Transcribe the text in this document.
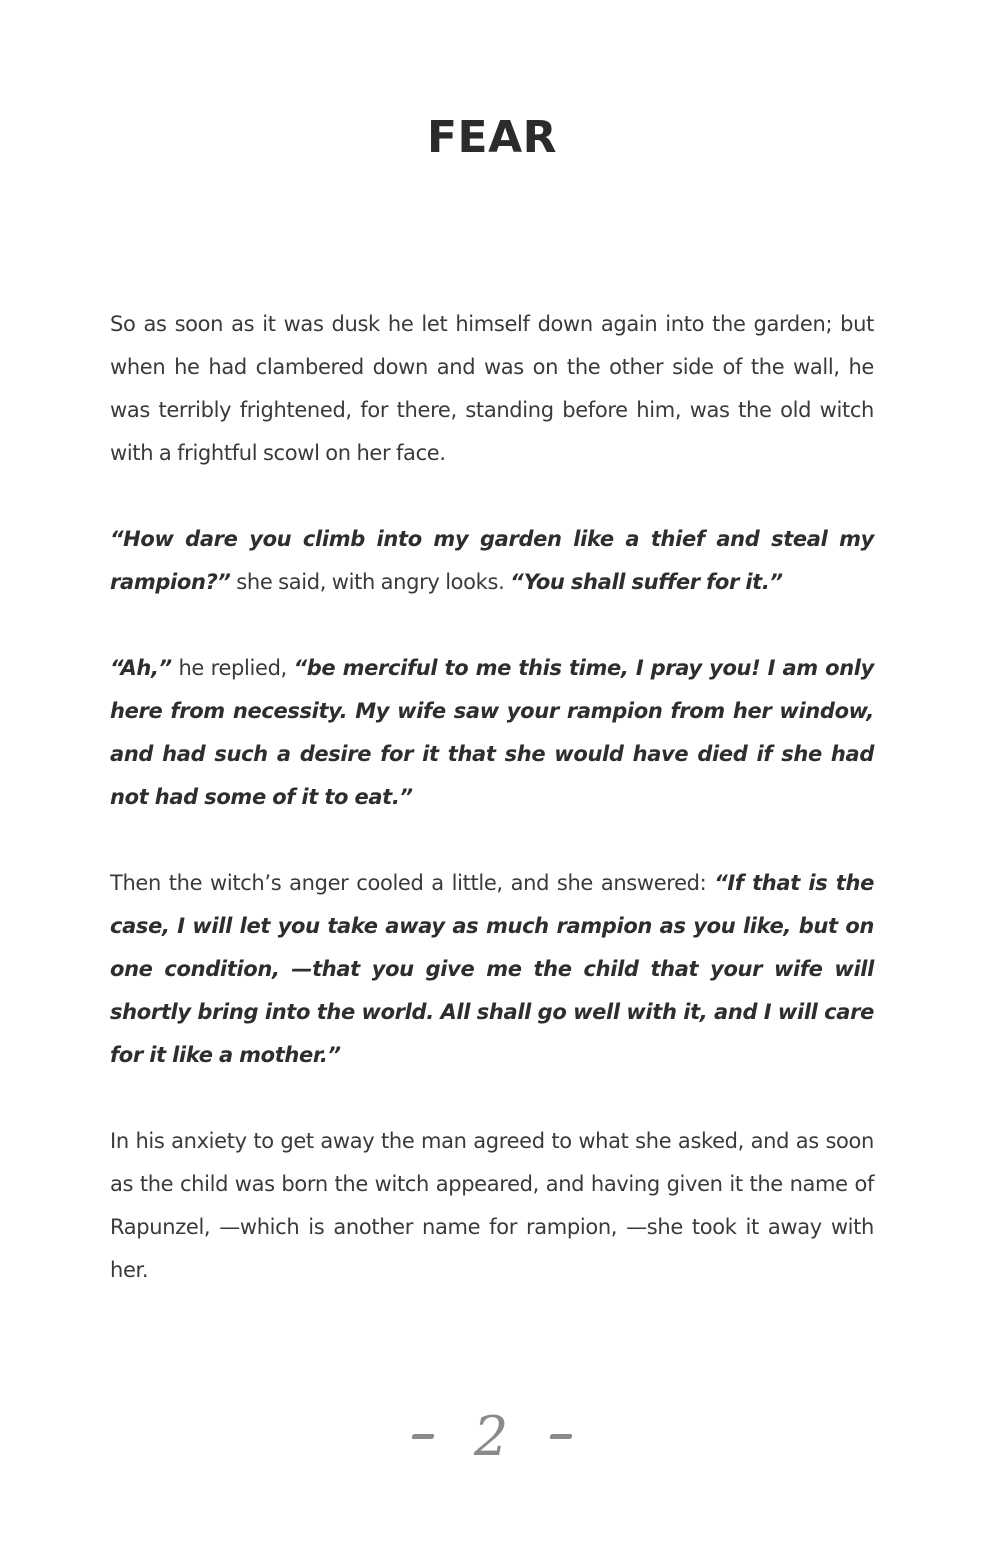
FEAR

So as soon as it was dusk he let himself down again into the garden; but when he had clambered down and was on the other side of the wall, he was terribly frightened, for there, standing before him, was the old witch with a frightful scowl on her face.

“How dare you climb into my garden like a thief and steal my rampion?” she said, with angry looks. “You shall suffer for it.”

“Ah,” he replied, “be merciful to me this time, I pray you! I am only here from necessity. My wife saw your rampion from her window, and had such a desire for it that she would have died if she had not had some of it to eat.”

Then the witch’s anger cooled a little, and she answered: “If that is the case, I will let you take away as much rampion as you like, but on one condition, —that you give me the child that your wife will shortly bring into the world. All shall go well with it, and I will care for it like a mother.”

In his anxiety to get away the man agreed to what she asked, and as soon as the child was born the witch appeared, and having given it the name of Rapunzel, —which is another name for rampion, —she took it away with her.

2
